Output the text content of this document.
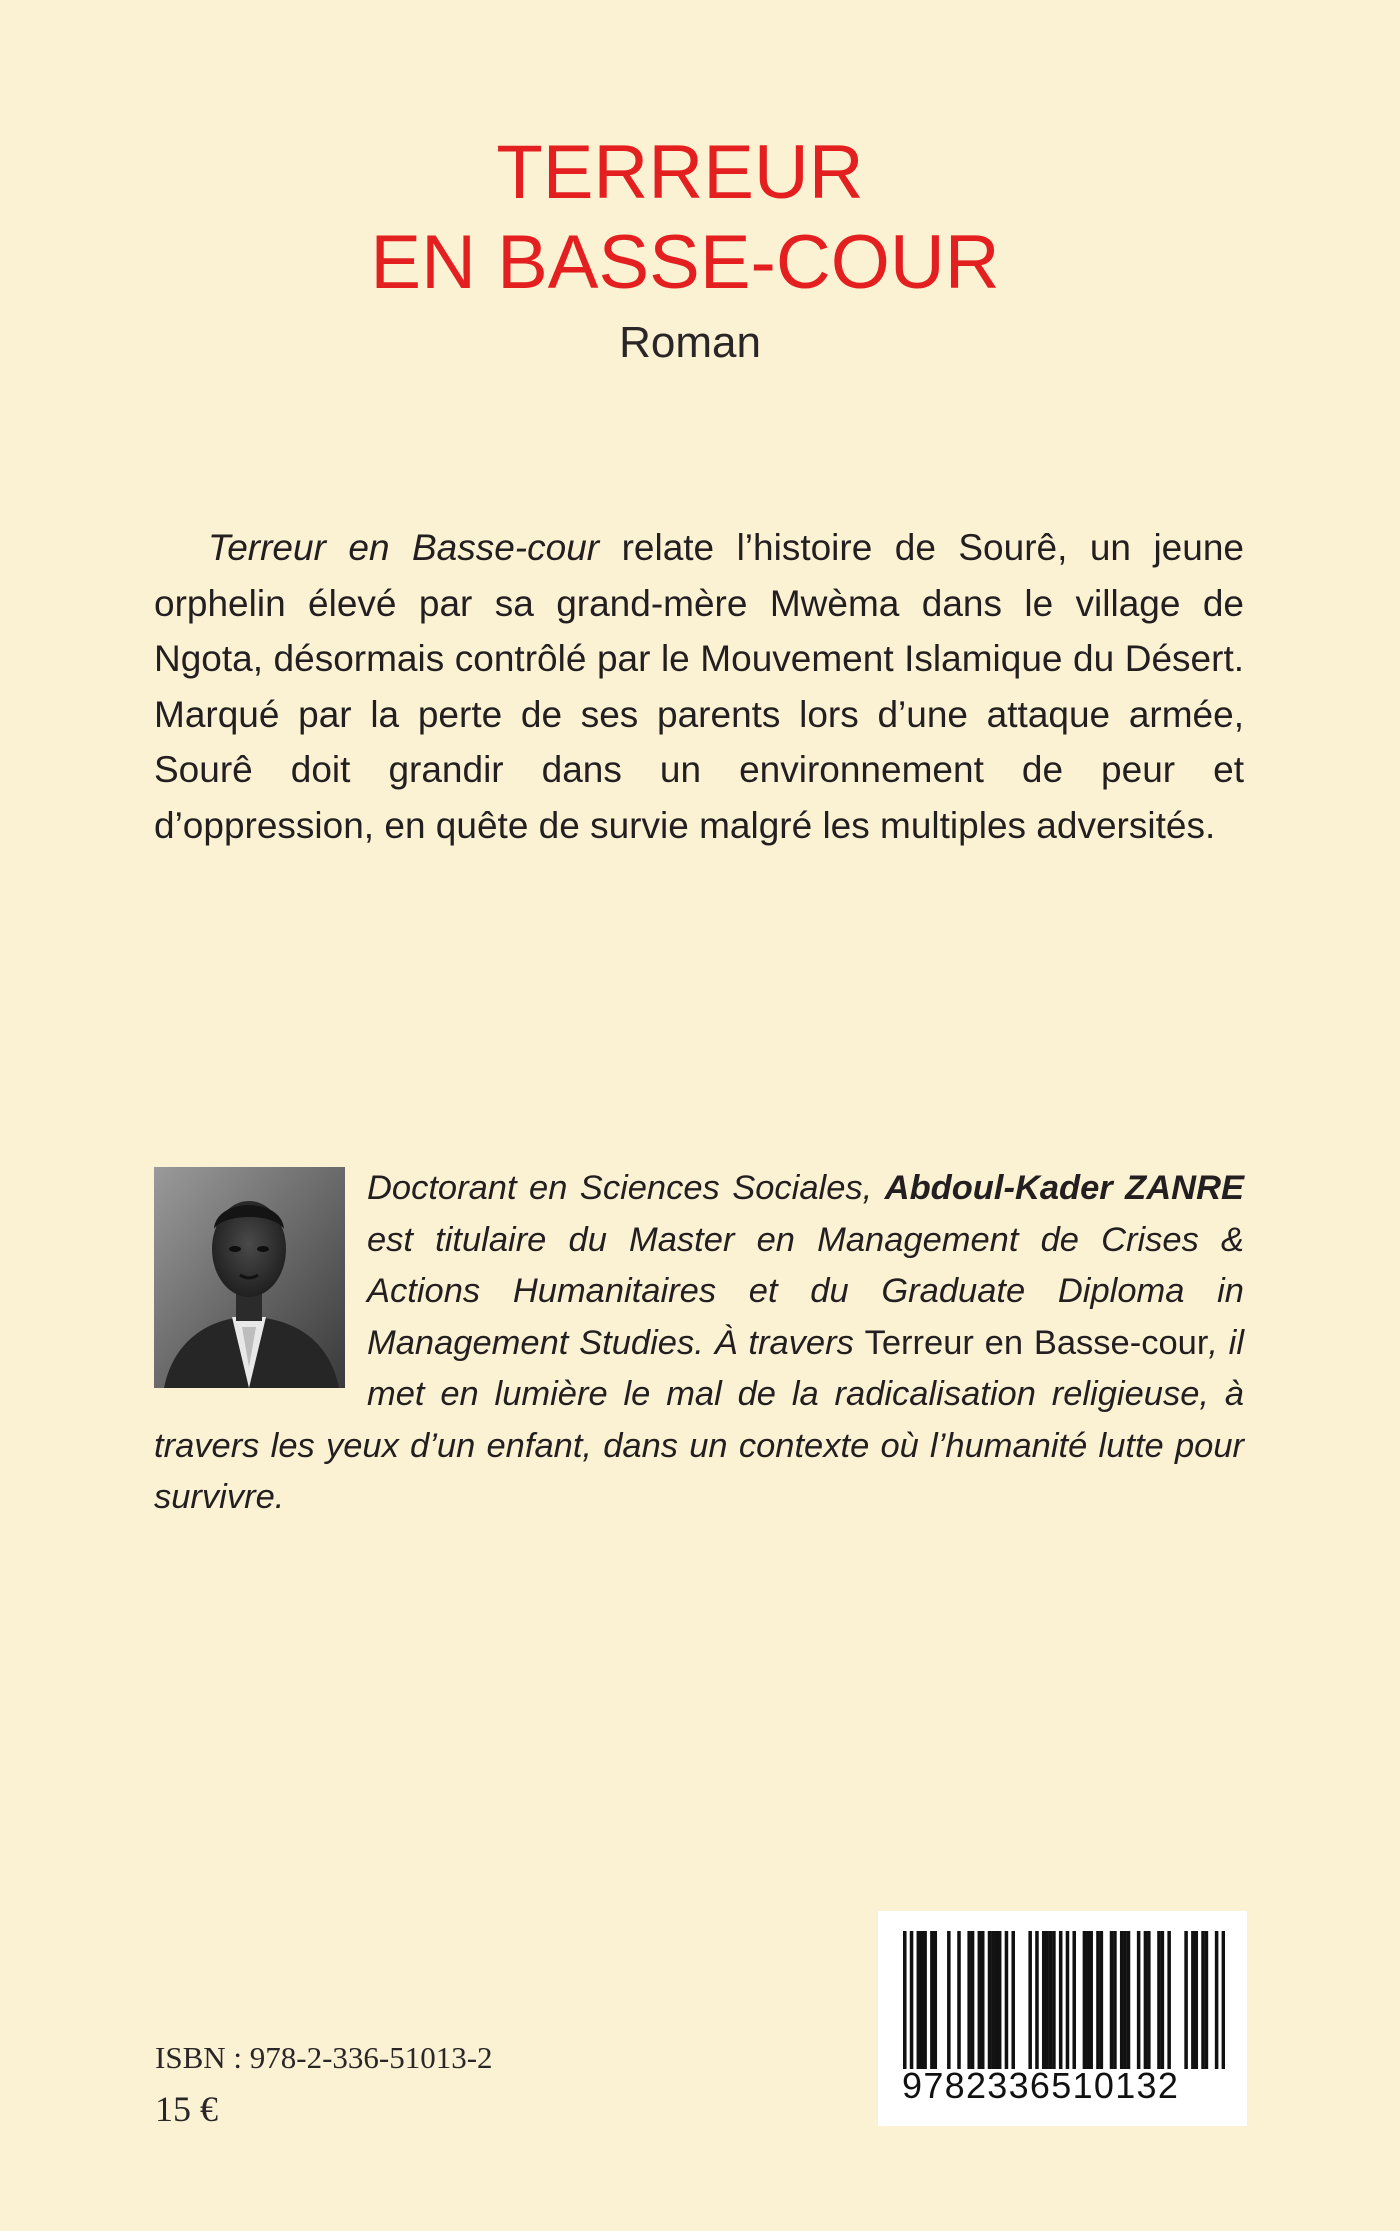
TERREUR
EN BASSE-COUR
Roman

Terreur en Basse-cour relate l’histoire de Sourê, un jeune orphelin élevé par sa grand-mère Mwèma dans le village de Ngota, désormais contrôlé par le Mouvement Islamique du Désert. Marqué par la perte de ses parents lors d’une attaque armée, Sourê doit grandir dans un environnement de peur et d’oppression, en quête de survie malgré les multiples adversités.

Doctorant en Sciences Sociales, Abdoul-Kader ZANRE est titulaire du Master en Management de Crises & Actions Humanitaires et du Graduate Diploma in Management Studies. À travers Terreur en Basse-cour, il met en lumière le mal de la radicalisation religieuse, à travers les yeux d’un enfant, dans un contexte où l’humanité lutte pour survivre.

ISBN : 978-2-336-51013-2
15 €
9782336510132
